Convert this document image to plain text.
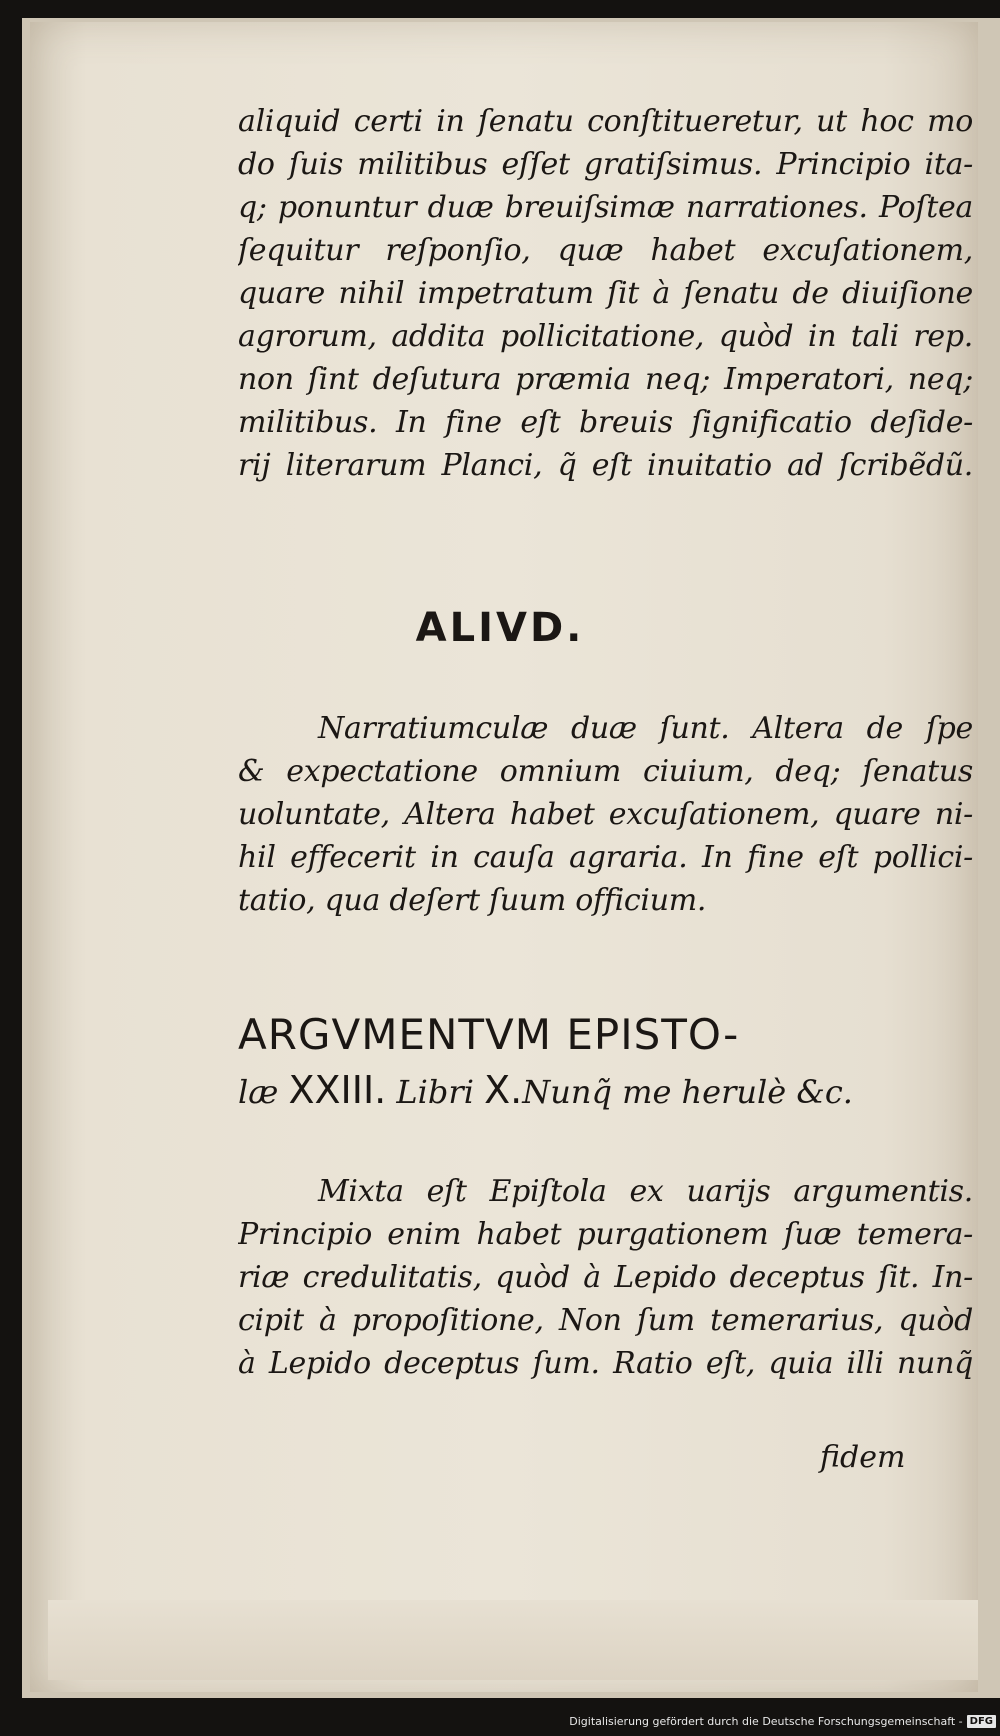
aliquid certi in ſenatu conſtitueretur, ut hoc mo
do ſuis militibus eſſet gratiſsimus. Principio ita-
q; ponuntur duæ breuiſsimæ narrationes. Poſtea
ſequitur reſponſio, quæ habet excuſationem,
quare nihil impetratum ſit à ſenatu de diuiſione
agrorum, addita pollicitatione, quòd in tali rep.
non ſint deſutura præmia neq; Imperatori, neq;
militibus. In fine eſt breuis ſignificatio deſide-
rij literarum Planci, q̃ eſt inuitatio ad ſcribẽdũ.
ALIVD.
Narratiumculæ duæ ſunt. Altera de ſpe
& expectatione omnium ciuium, deq; ſenatus
uoluntate, Altera habet excuſationem, quare ni-
hil effecerit in cauſa agraria. In fine eſt pollici-
tatio, qua deſert ſuum officium.
ARGVMENTVM EPISTO-
læ XXIII. Libri X.Nunq̃ me herulè &c.
Mixta eſt Epiſtola ex uarijs argumentis.
Principio enim habet purgationem ſuæ temera-
riæ credulitatis, quòd à Lepido deceptus ſit. In-
cipit à propoſitione, Non ſum temerarius, quòd
à Lepido deceptus ſum. Ratio eſt, quia illi nunq̃
fidem
Digitalisierung gefördert durch die Deutsche Forschungsgemeinschaft - DFG
